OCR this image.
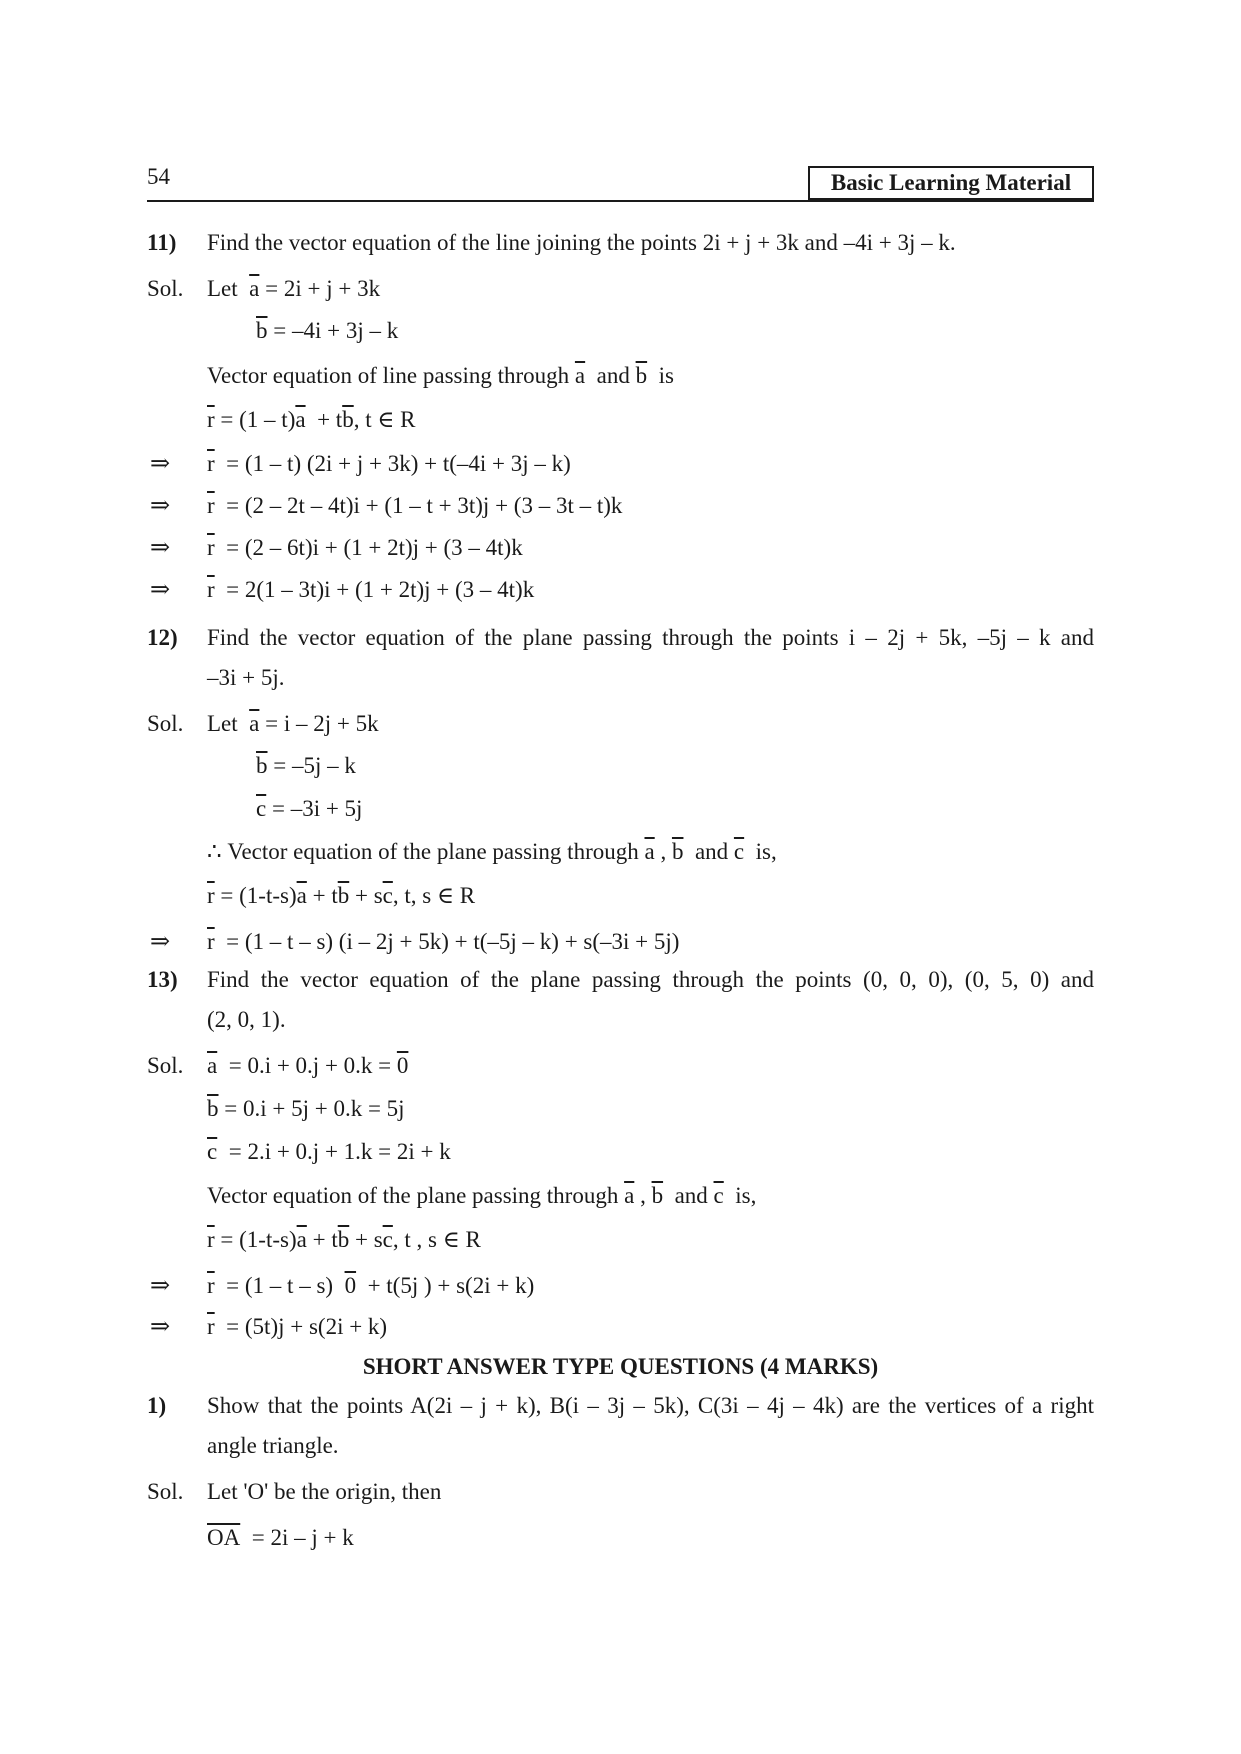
54	Basic Learning Material
11) Find the vector equation of the line joining the points 2i + j + 3k and –4i + 3j – k.
Sol. Let $\overline{a} = 2i + j + 3k$
$\overline{b} = -4i + 3j - k$
Vector equation of line passing through $\overline{a}$ and $\overline{b}$ is
$\overline{r} = (1 - t)\overline{a} + t\overline{b}$, t ∈ R
⇒ $\overline{r} = (1 - t) (2i + j + 3k) + t(-4i + 3j - k)$
⇒ $\overline{r} = (2 - 2t - 4t)i + (1 - t + 3t)j + (3 - 3t - t)k$
⇒ $\overline{r} = (2 - 6t)i + (1 + 2t)j + (3 - 4t)k$
⇒ $\overline{r} = 2(1 - 3t)i + (1 + 2t)j + (3 - 4t)k$
12) Find the vector equation of the plane passing through the points i – 2j + 5k, –5j – k and
–3i + 5j.
Sol. Let $\overline{a} = i - 2j + 5k$
$\overline{b} = -5j - k$
$\overline{c} = -3i + 5j$
∴ Vector equation of the plane passing through $\overline{a}$ , $\overline{b}$ and $\overline{c}$ is,
$\overline{r} = (1-t-s)\overline{a} + t\overline{b} + s\overline{c}$, t, s ∈ R
⇒ $\overline{r} = (1 - t - s)$ (i – 2j + 5k) + t(–5j – k) + s(–3i + 5j)
13) Find the vector equation of the plane passing through the points (0, 0, 0), (0, 5, 0) and
(2, 0, 1).
Sol. $\overline{a} = 0.i + 0.j + 0.k = 0$
$\overline{b} = 0.i + 5j + 0.k = 5j$
$\overline{c} = 2.i + 0.j + 1.k = 2i + k$
Vector equation of the plane passing through $\overline{a}$ , $\overline{b}$ and $\overline{c}$ is,
$\overline{r} = (1-t-s)\overline{a} + t\overline{b} + s\overline{c}$, t , s ∈ R
⇒ $\overline{r} = (1 - t - s) 0 + t(5j$ ) + s(2i + k)
⇒ $\overline{r} = (5t)j + s(2i + k)$
SHORT ANSWER TYPE QUESTIONS (4 MARKS)
1) Show that the points A(2i – j + k), B(i – 3j – 5k), C(3i – 4j – 4k) are the vertices of a right
angle triangle.
Sol. Let 'O' be the origin, then
$\overline{OA} = 2i - j + k$
